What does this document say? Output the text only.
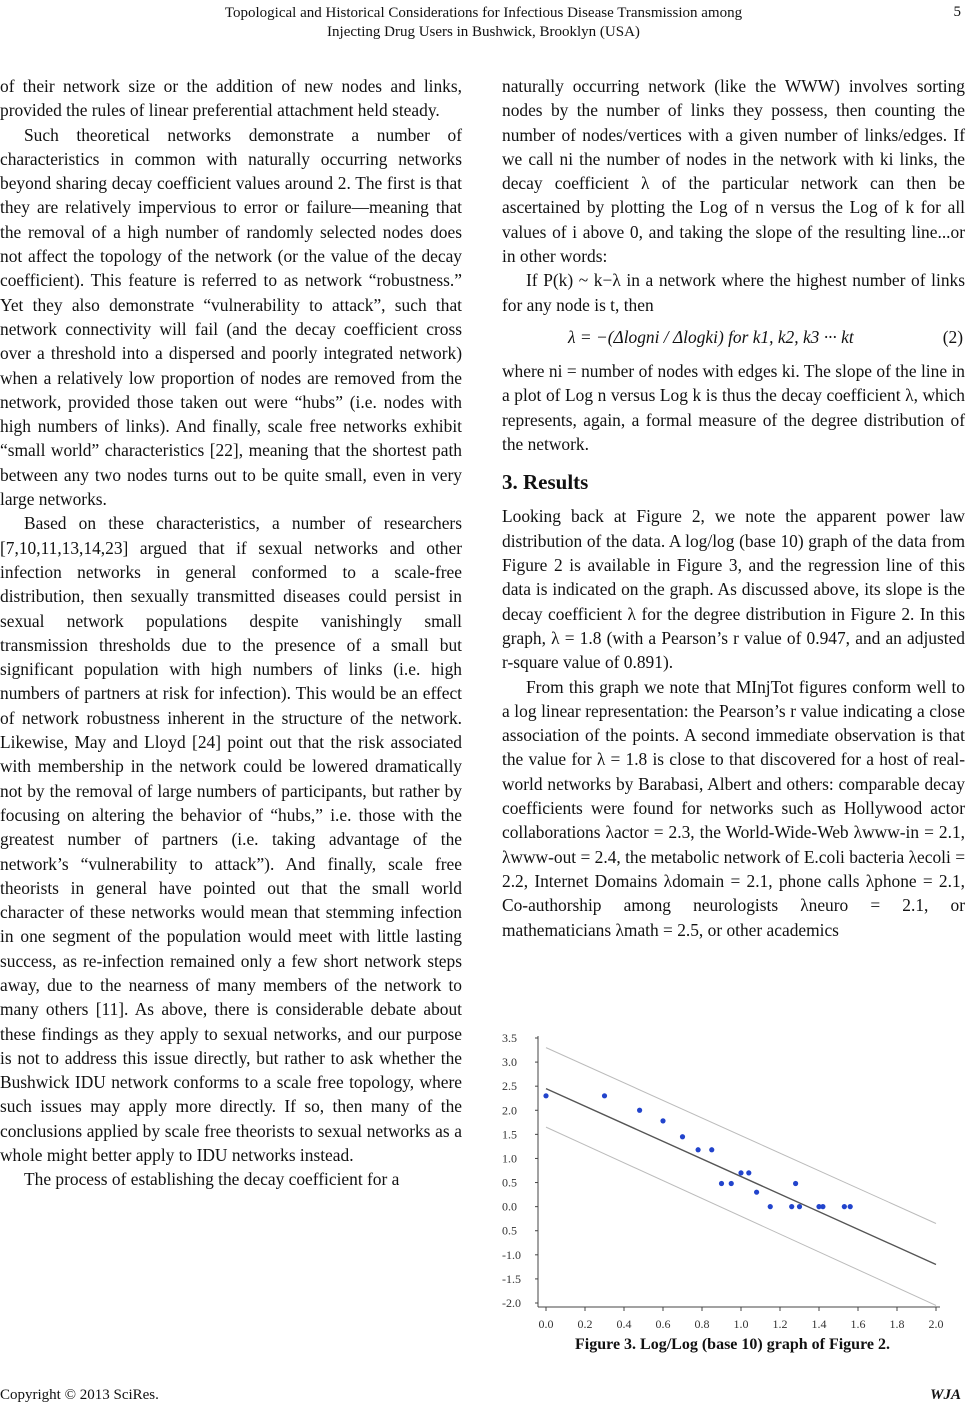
Topological and Historical Considerations for Infectious Disease Transmission among
Injecting Drug Users in Bushwick, Brooklyn (USA)
5

of their network size or the addition of new nodes and links, provided the rules of linear preferential attachment held steady.

Such theoretical networks demonstrate a number of characteristics in common with naturally occurring networks beyond sharing decay coefficient values around 2. The first is that they are relatively impervious to error or failure—meaning that the removal of a high number of randomly selected nodes does not affect the topology of the network (or the value of the decay coefficient). This feature is referred to as network “robustness.” Yet they also demonstrate “vulnerability to attack”, such that network connectivity will fail (and the decay coefficient cross over a threshold into a dispersed and poorly integrated network) when a relatively low proportion of nodes are removed from the network, provided those taken out were “hubs” (i.e. nodes with high numbers of links). And finally, scale free networks exhibit “small world” characteristics [22], meaning that the shortest path between any two nodes turns out to be quite small, even in very large networks.

Based on these characteristics, a number of researchers [7,10,11,13,14,23] argued that if sexual networks and other infection networks in general conformed to a scale-free distribution, then sexually transmitted diseases could persist in sexual network populations despite vanishingly small transmission thresholds due to the presence of a small but significant population with high numbers of links (i.e. high numbers of partners at risk for infection). This would be an effect of network robustness inherent in the structure of the network. Likewise, May and Lloyd [24] point out that the risk associated with membership in the network could be lowered dramatically not by the removal of large numbers of participants, but rather by focusing on altering the behavior of “hubs,” i.e. those with the greatest number of partners (i.e. taking advantage of the network’s “vulnerability to attack”). And finally, scale free theorists in general have pointed out that the small world character of these networks would mean that stemming infection in one segment of the population would meet with little lasting success, as re-infection remained only a few short network steps away, due to the nearness of many members of the network to many others [11]. As above, there is considerable debate about these findings as they apply to sexual networks, and our purpose is not to address this issue directly, but rather to ask whether the Bushwick IDU network conforms to a scale free topology, where such issues may apply more directly. If so, then many of the conclusions applied by scale free theorists to sexual networks as a whole might better apply to IDU networks instead.

The process of establishing the decay coefficient for a

naturally occurring network (like the WWW) involves sorting nodes by the number of links they possess, then counting the number of nodes/vertices with a given number of links/edges. If we call ni the number of nodes in the network with ki links, the decay coefficient λ of the particular network can then be ascertained by plotting the Log of n versus the Log of k for all values of i above 0, and taking the slope of the resulting line...or in other words:

If P(k) ~ k−λ in a network where the highest number of links for any node is t, then

λ = −(Δlogni / Δlogki) for k1, k2, k3 ··· kt	(2)

where ni = number of nodes with edges ki. The slope of the line in a plot of Log n versus Log k is thus the decay coefficient λ, which represents, again, a formal measure of the degree distribution of the network.

3. Results

Looking back at Figure 2, we note the apparent power law distribution of the data. A log/log (base 10) graph of the data from Figure 2 is available in Figure 3, and the regression line of this data is indicated on the graph. As discussed above, its slope is the decay coefficient λ for the degree distribution in Figure 2. In this graph, λ = 1.8 (with a Pearson’s r value of 0.947, and an adjusted r-square value of 0.891).

From this graph we note that MInjTot figures conform well to a log linear representation: the Pearson’s r value indicating a close association of the points. A second immediate observation is that the value for λ = 1.8 is close to that discovered for a host of real-world networks by Barabasi, Albert and others: comparable decay coefficients were found for networks such as Hollywood actor collaborations λactor = 2.3, the World-Wide-Web λwww-in = 2.1, λwww-out = 2.4, the metabolic network of E.coli bacteria λecoli = 2.2, Internet Domains λdomain = 2.1, phone calls λphone = 2.1, Co-authorship among neurologists λneuro = 2.1, or mathematicians λmath = 2.5, or other academics

3.5
3.0
2.5
2.0
1.5
1.0
0.5
0.0
0.5
-1.0
-1.5
-2.0
0.0 0.2 0.4 0.6 0.8 1.0 1.2 1.4 1.6 1.8 2.0
Figure 3. Log/Log (base 10) graph of Figure 2.
Copyright © 2013 SciRes.	WJA
